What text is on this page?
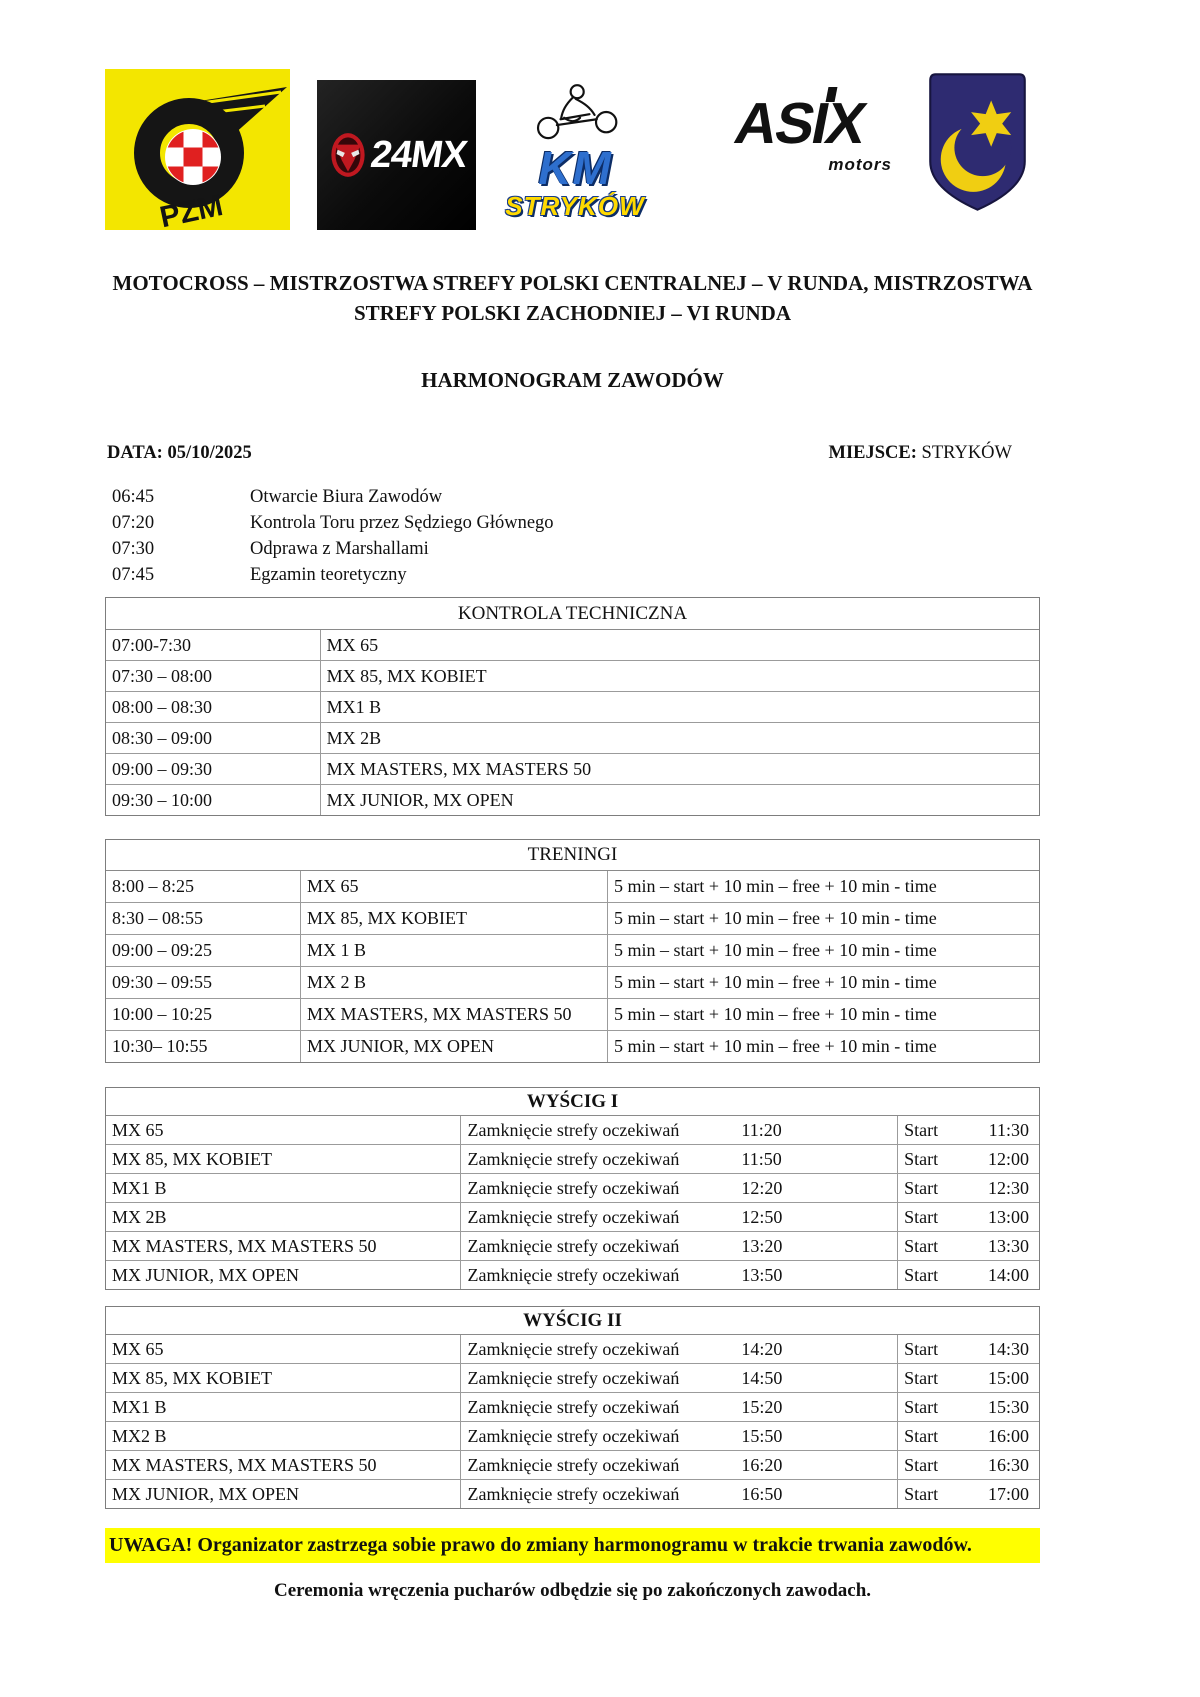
PZM
24MX	KM
STRYKÓW
ASIX
motors
MOTOCROSS – MISTRZOSTWA STREFY POLSKI CENTRALNEJ – V RUNDA, MISTRZOSTWA
STREFY POLSKI ZACHODNIEJ – VI RUNDA
HARMONOGRAM ZAWODÓW
DATA: 05/10/2025	MIEJSCE: STRYKÓW
06:45	Otwarcie Biura Zawodów
07:20	Kontrola Toru przez Sędziego Głównego
07:30	Odprawa z Marshallami
07:45	Egzamin teoretyczny
KONTROLA TECHNICZNA
07:00-7:30	MX 65
07:30 – 08:00	MX 85, MX KOBIET
08:00 – 08:30	MX1 B
08:30 – 09:00	MX 2B
09:00 – 09:30	MX MASTERS, MX MASTERS 50
09:30 – 10:00	MX JUNIOR, MX OPEN
TRENINGI
8:00 – 8:25	MX 65	5 min – start + 10 min – free + 10 min - time
8:30 – 08:55	MX 85, MX KOBIET	5 min – start + 10 min – free + 10 min - time
09:00 – 09:25	MX 1 B	5 min – start + 10 min – free + 10 min - time
09:30 – 09:55	MX 2 B	5 min – start + 10 min – free + 10 min - time
10:00 – 10:25	MX MASTERS, MX MASTERS 50	5 min – start + 10 min – free + 10 min - time
10:30– 10:55	MX JUNIOR, MX OPEN	5 min – start + 10 min – free + 10 min - time
WYŚCIG I
MX 65	Zamknięcie strefy oczekiwań	11:20	Start	11:30
MX 85, MX KOBIET	Zamknięcie strefy oczekiwań	11:50	Start	12:00
MX1 B	Zamknięcie strefy oczekiwań	12:20	Start	12:30
MX 2B	Zamknięcie strefy oczekiwań	12:50	Start	13:00
MX MASTERS, MX MASTERS 50	Zamknięcie strefy oczekiwań	13:20	Start	13:30
MX JUNIOR, MX OPEN	Zamknięcie strefy oczekiwań	13:50	Start	14:00
WYŚCIG II
MX 65	Zamknięcie strefy oczekiwań	14:20	Start	14:30
MX 85, MX KOBIET	Zamknięcie strefy oczekiwań	14:50	Start	15:00
MX1 B	Zamknięcie strefy oczekiwań	15:20	Start	15:30
MX2 B	Zamknięcie strefy oczekiwań	15:50	Start	16:00
MX MASTERS, MX MASTERS 50	Zamknięcie strefy oczekiwań	16:20	Start	16:30
MX JUNIOR, MX OPEN	Zamknięcie strefy oczekiwań	16:50	Start	17:00
UWAGA! Organizator zastrzega sobie prawo do zmiany harmonogramu w trakcie trwania zawodów.
Ceremonia wręczenia pucharów odbędzie się po zakończonych zawodach.
